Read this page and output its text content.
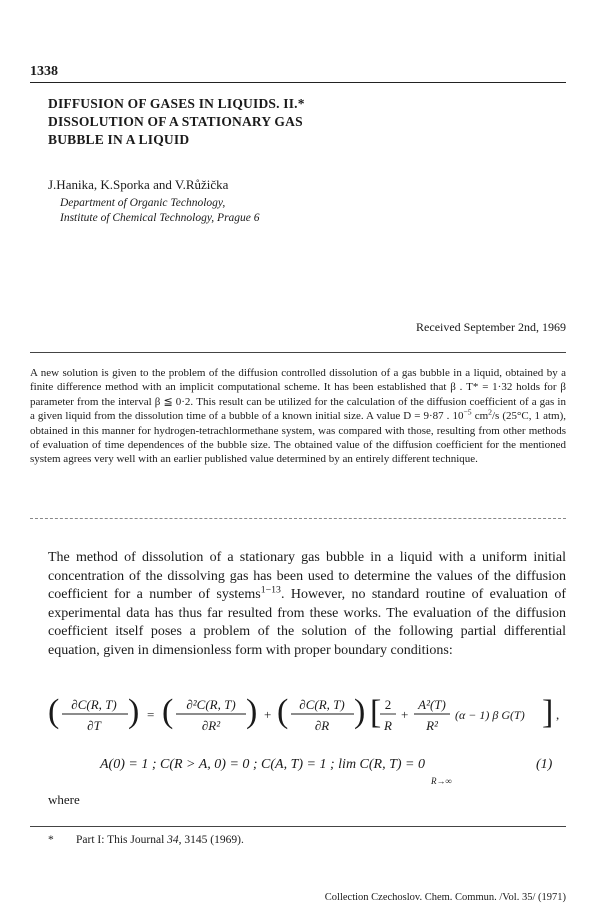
1338
DIFFUSION OF GASES IN LIQUIDS. II.*
DISSOLUTION OF A STATIONARY GAS
BUBBLE IN A LIQUID
J.Hanika, K.Sporka and V.Růžička
Department of Organic Technology,
Institute of Chemical Technology, Prague 6
Received September 2nd, 1969
A new solution is given to the problem of the diffusion controlled dissolution of a gas bubble in a liquid, obtained by a finite difference method with an implicit computational scheme. It has been established that β . T* = 1·32 holds for β parameter from the interval β ≦ 0·2. This result can be utilized for the calculation of the diffusion coefficient of a gas in a given liquid from the dissolution time of a bubble of a known initial size. A value D = 9·87 . $10^{-5}$ $cm^2/s$ (25°C, 1 atm), obtained in this manner for hydrogen-tetrachlormethane system, was compared with those, resulting from other methods of evaluation of time dependences of the bubble size. The obtained value of the diffusion coefficient for the mentioned system agrees very well with an earlier published value determined by an entirely different technique.
The method of dissolution of a stationary gas bubble in a liquid with a uniform initial concentration of the dissolving gas has been used to determine the values of the diffusion coefficient for a number of systems$^{1-13}$. However, no standard routine of evaluation of experimental data has thus far resulted from these works. The evaluation of the diffusion coefficient itself poses a problem of the solution of the following partial differential equation, given in dimensionless form with proper boundary conditions:
( ∂C(R, T)
∂T ) = ( ∂²C(R, T)
∂R² ) + ( ∂C(R, T)
∂R ) [ 2
R
+
A²(T)
R²
(α − 1) β G(T) ] ,
A(0) = 1 ; C(R > A, 0) = 0 ; C(A, T) = 1 ; lim C(R, T) = 0
R→∞
(1)
where
* Part I: This Journal 34, 3145 (1969).
Collection Czechoslov. Chem. Commun. /Vol. 35/ (1971)
